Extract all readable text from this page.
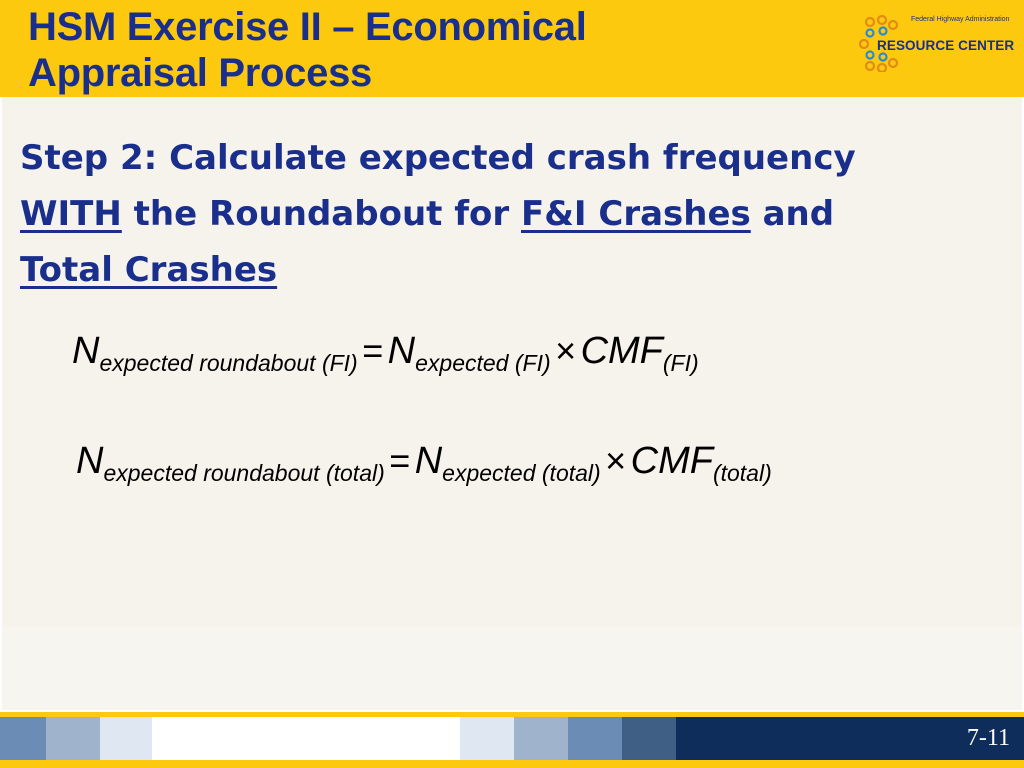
HSM Exercise II – Economical
Appraisal Process
Federal Highway Administration
RESOURCE CENTER
Step 2: Calculate expected crash frequency
WITH the Roundabout for F&I Crashes and
Total Crashes
Nexpected roundabout (FI) = Nexpected (FI) × CMF(FI)
Nexpected roundabout (total) = Nexpected (total) × CMF(total)
7-11
